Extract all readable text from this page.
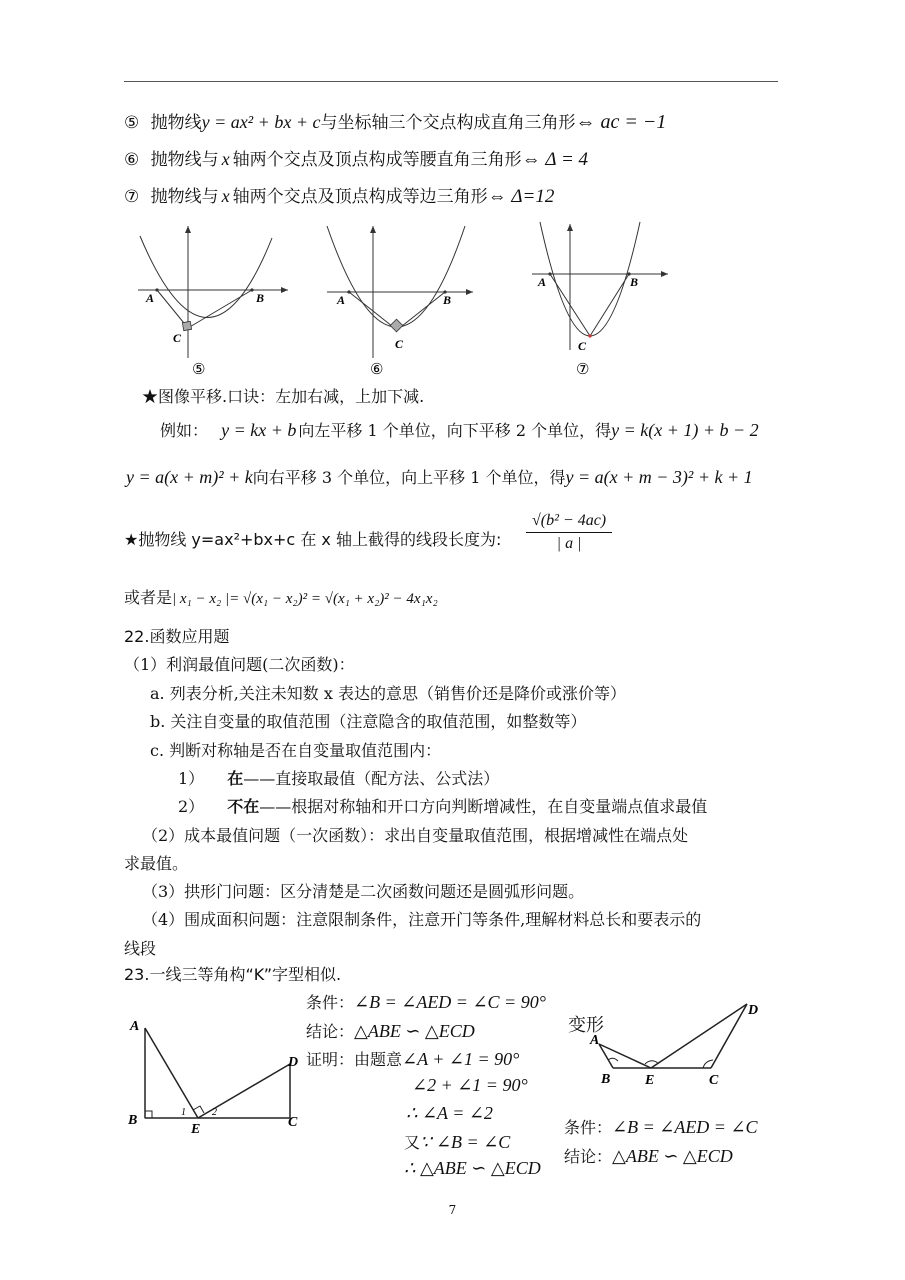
⑤ 抛物线y = ax² + bx + c与坐标轴三个交点构成直角三角形⇔ ac = −1
⑥ 抛物线与 x 轴两个交点及顶点构成等腰直角三角形⇔ Δ = 4
⑦ 抛物线与 x 轴两个交点及顶点构成等边三角形⇔ Δ=12
A	B
C
A	B
C
A	B
C
⑤	⑥	⑦
★图像平移.口诀：左加右减，上加下减.
例如： y = kx + b 向左平移 1 个单位，向下平移 2 个单位，得y = k(x + 1) + b − 2
y = a(x + m)² + k向右平移 3 个单位，向上平移 1 个单位，得y = a(x + m − 3)² + k + 1
★抛物线 y=ax²+bx+c 在 x 轴上截得的线段长度为: $\frac{\text{√(b² − 4ac)}}{| a |}$
或者是| x₁ − x₂ |= √(x₁ − x₂)² = √(x₁ + x₂)² − 4x₁x₂
22.函数应用题
（1）利润最值问题(二次函数)：
a. 列表分析,关注未知数 x 表达的意思（销售价还是降价或涨价等）
b. 关注自变量的取值范围（注意隐含的取值范围，如整数等）
c. 判断对称轴是否在自变量取值范围内：
1） 在——直接取最值（配方法、公式法）
2） 不在——根据对称轴和开口方向判断增减性，在自变量端点值求最值
（2）成本最值问题（一次函数）：求出自变量取值范围，根据增减性在端点处
求最值。
（3）拱形门问题：区分清楚是二次函数问题还是圆弧形问题。
（4）围成面积问题：注意限制条件，注意开门等条件,理解材料总长和要表示的
线段
23.一线三等角构“K”字型相似.
A
B
E	C
D
1	2
条件：∠B = ∠AED = ∠C = 90°
结论：△ABE ∽ △ECD
证明：由题意∠A + ∠1 = 90°
∠2 + ∠1 = 90°
∴ ∠A = ∠2
又∵ ∠B = ∠C
∴ △ABE ∽ △ECD
变形
A
B E	C
D
条件：∠B = ∠AED = ∠C
结论：△ABE ∽ △ECD
7
